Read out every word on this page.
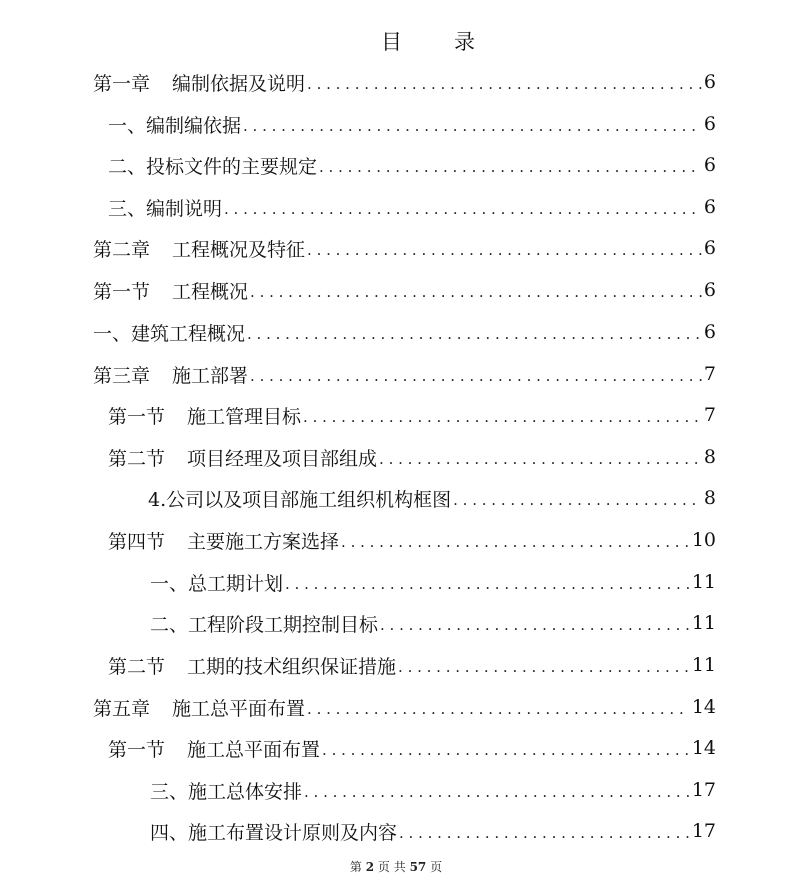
目 录
第一章 编制依据及说明 . . .	6
一、编制编依据 . . .	6
二、投标文件的主要规定 . . .	6
三、编制说明 . . .	6
第二章 工程概况及特征 . . .	6
第一节 工程概况 . . .	6
一、建筑工程概况 . . .	6
第三章 施工部署 . . .	7
第一节 施工管理目标 . . .	7
第二节 项目经理及项目部组成 . . .	8
4.公司以及项目部施工组织机构框图 . . .	8
第四节 主要施工方案选择 . . .	10
一、总工期计划 . . .	11
二、工程阶段工期控制目标 . . .	11
第二节 工期的技术组织保证措施 . . .	11
第五章 施工总平面布置 . . .	14
第一节 施工总平面布置 . . .	14
三、施工总体安排 . . .	17
四、施工布置设计原则及内容 . . .	17
第 2 页 共 57 页
